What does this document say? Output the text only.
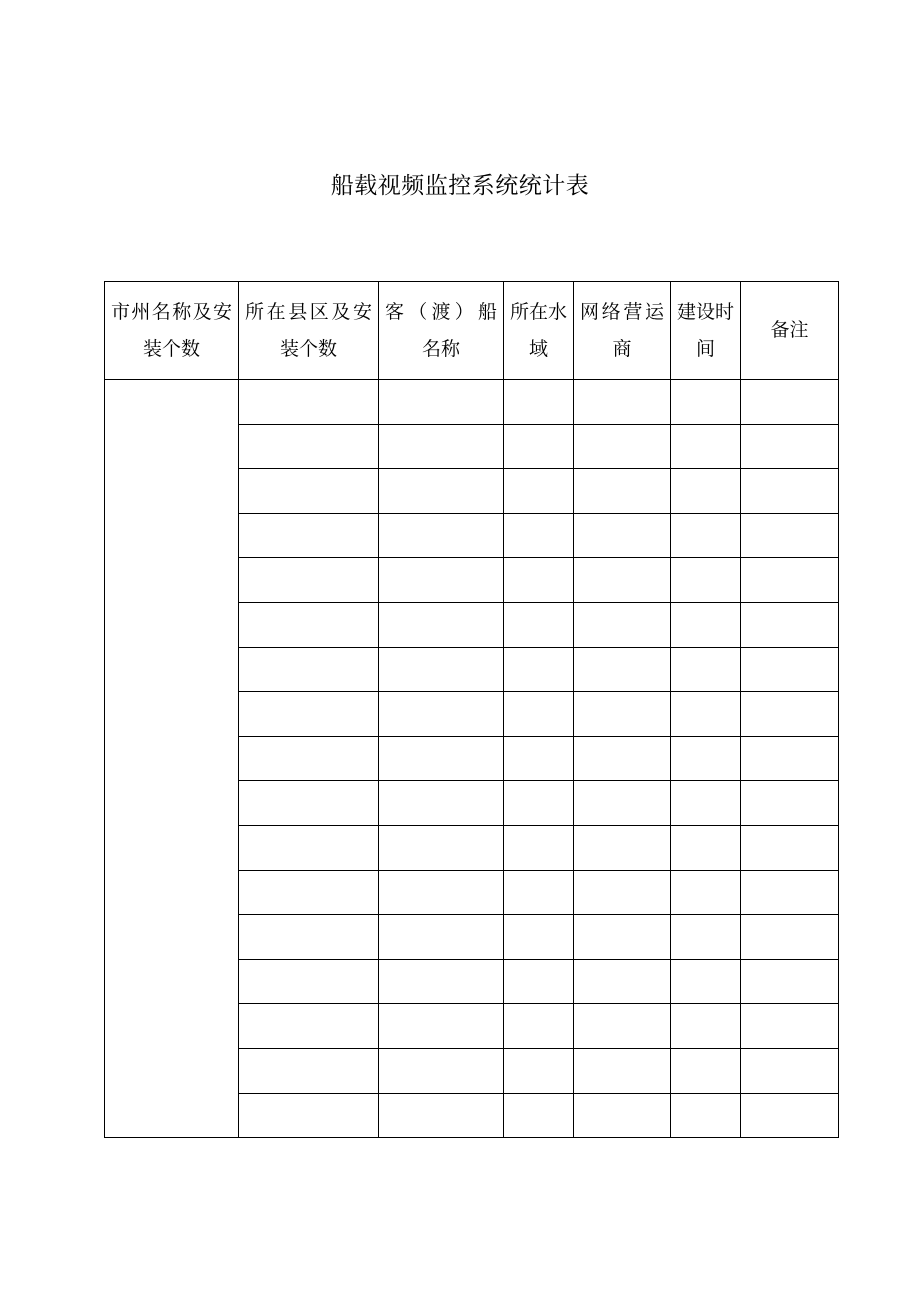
船载视频监控系统统计表
市州名称及安装个数	所在县区及安装个数	客（渡）船名称	所在水域	网络营运商	建设时间	备注
